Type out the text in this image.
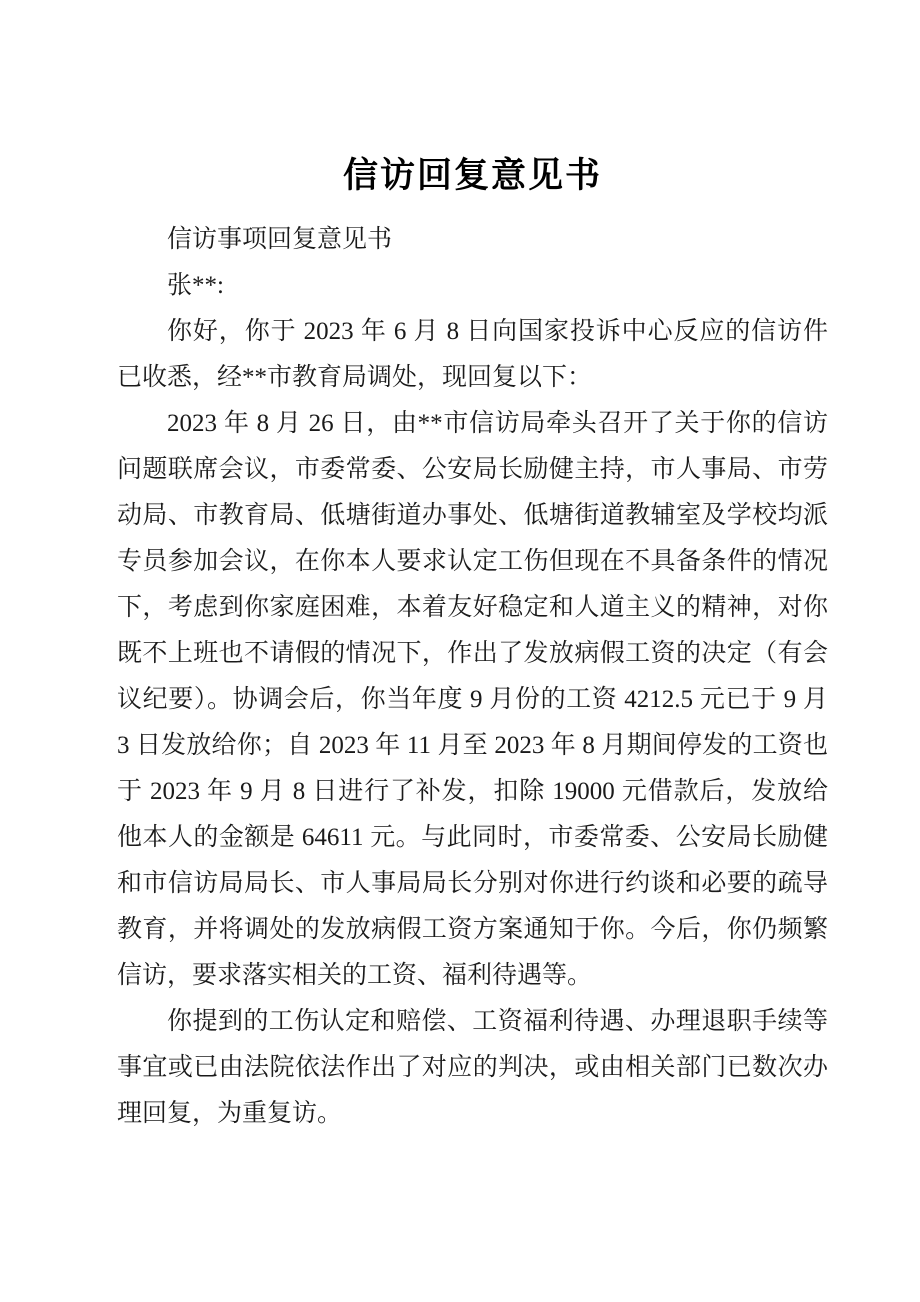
信访回复意见书

信访事项回复意见书

张**:

你好，你于 2023 年 6 月 8 日向国家投诉中心反应的信访件已收悉，经**市教育局调处，现回复以下：

2023 年 8 月 26 日，由**市信访局牵头召开了关于你的信访问题联席会议，市委常委、公安局长励健主持，市人事局、市劳动局、市教育局、低塘街道办事处、低塘街道教辅室及学校均派专员参加会议，在你本人要求认定工伤但现在不具备条件的情况下，考虑到你家庭困难，本着友好稳定和人道主义的精神，对你既不上班也不请假的情况下，作出了发放病假工资的决定（有会议纪要）。协调会后，你当年度 9 月份的工资 4212.5 元已于 9 月 3 日发放给你；自 2023 年 11 月至 2023 年 8 月期间停发的工资也于 2023 年 9 月 8 日进行了补发，扣除 19000 元借款后，发放给他本人的金额是 64611 元。与此同时，市委常委、公安局长励健和市信访局局长、市人事局局长分别对你进行约谈和必要的疏导教育，并将调处的发放病假工资方案通知于你。今后，你仍频繁信访，要求落实相关的工资、福利待遇等。

你提到的工伤认定和赔偿、工资福利待遇、办理退职手续等事宜或已由法院依法作出了对应的判决，或由相关部门已数次办理回复，为重复访。
